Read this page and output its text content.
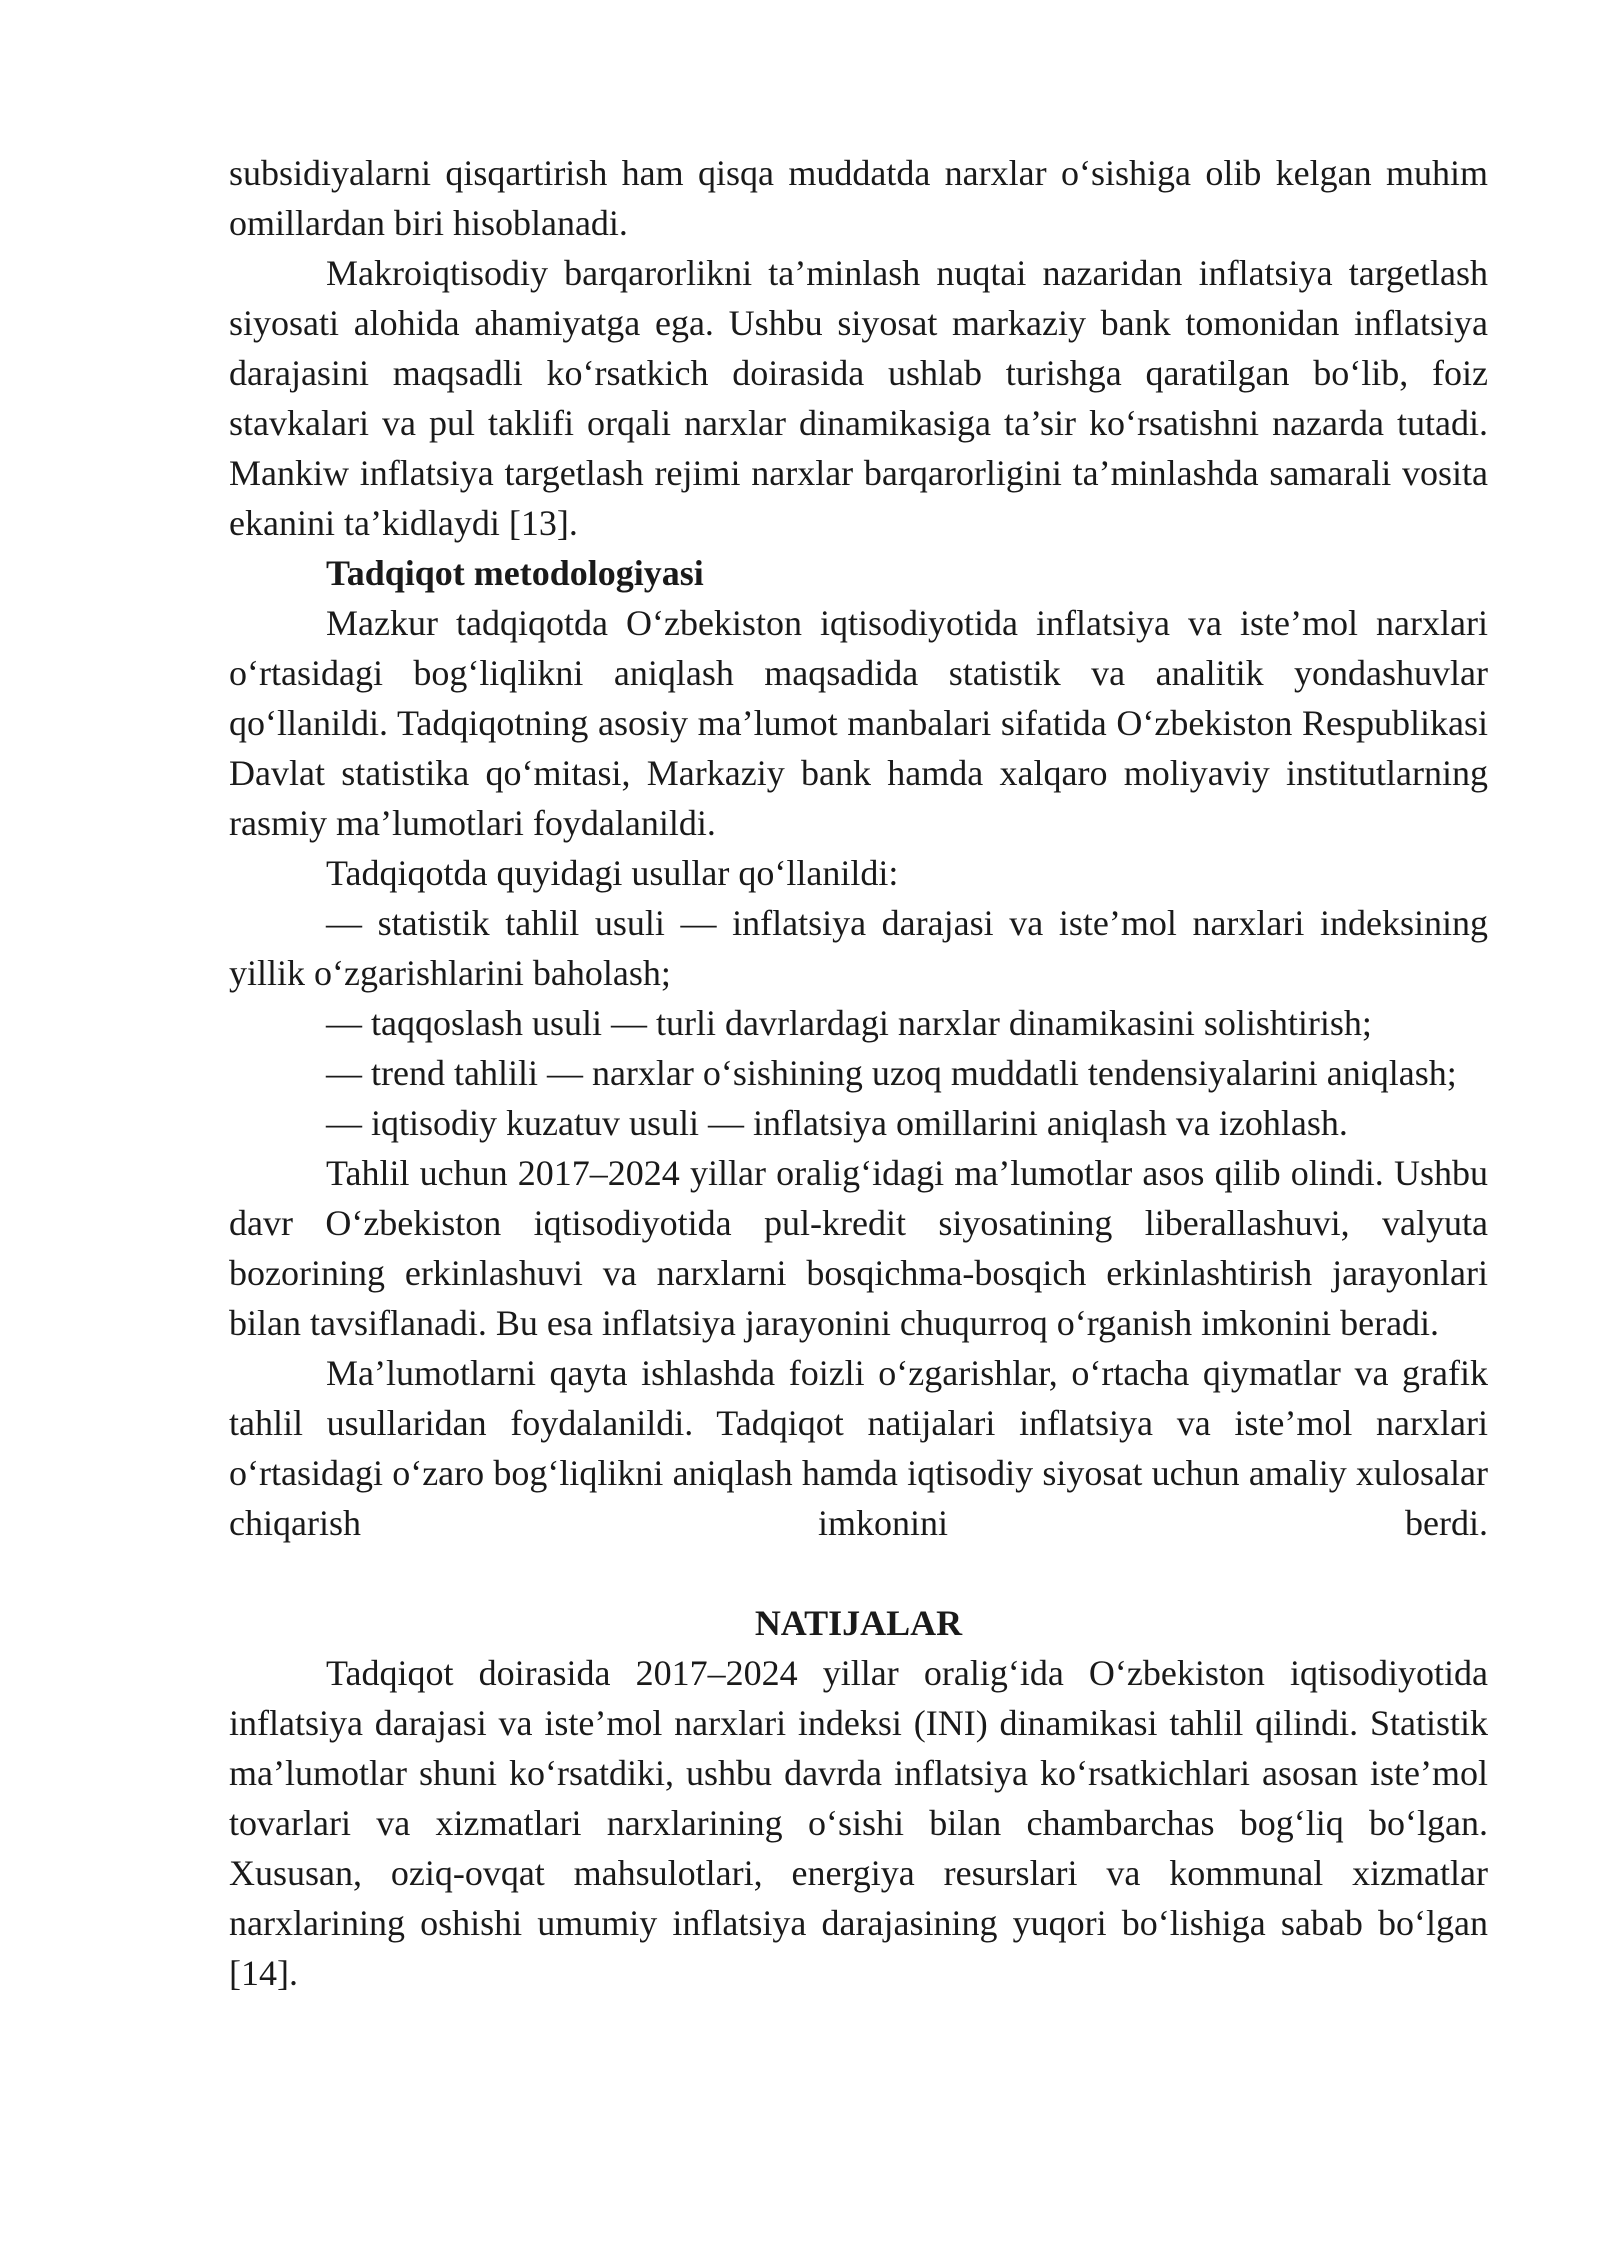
subsidiyalarni qisqartirish ham qisqa muddatda narxlar o‘sishiga olib kelgan muhim omillardan biri hisoblanadi.

Makroiqtisodiy barqarorlikni ta’minlash nuqtai nazaridan inflatsiya targetlash siyosati alohida ahamiyatga ega. Ushbu siyosat markaziy bank tomonidan inflatsiya darajasini maqsadli ko‘rsatkich doirasida ushlab turishga qaratilgan bo‘lib, foiz stavkalari va pul taklifi orqali narxlar dinamikasiga ta’sir ko‘rsatishni nazarda tutadi. Mankiw inflatsiya targetlash rejimi narxlar barqarorligini ta’minlashda samarali vosita ekanini ta’kidlaydi [13].

Tadqiqot metodologiyasi

Mazkur tadqiqotda O‘zbekiston iqtisodiyotida inflatsiya va iste’mol narxlari o‘rtasidagi bog‘liqlikni aniqlash maqsadida statistik va analitik yondashuvlar qo‘llanildi. Tadqiqotning asosiy ma’lumot manbalari sifatida O‘zbekiston Respublikasi Davlat statistika qo‘mitasi, Markaziy bank hamda xalqaro moliyaviy institutlarning rasmiy ma’lumotlari foydalanildi.

Tadqiqotda quyidagi usullar qo‘llanildi:

— statistik tahlil usuli — inflatsiya darajasi va iste’mol narxlari indeksining yillik o‘zgarishlarini baholash;

— taqqoslash usuli — turli davrlardagi narxlar dinamikasini solishtirish;

— trend tahlili — narxlar o‘sishining uzoq muddatli tendensiyalarini aniqlash;

— iqtisodiy kuzatuv usuli — inflatsiya omillarini aniqlash va izohlash.

Tahlil uchun 2017–2024 yillar oralig‘idagi ma’lumotlar asos qilib olindi. Ushbu davr O‘zbekiston iqtisodiyotida pul-kredit siyosatining liberallashuvi, valyuta bozorining erkinlashuvi va narxlarni bosqichma-bosqich erkinlashtirish jarayonlari bilan tavsiflanadi. Bu esa inflatsiya jarayonini chuqurroq o‘rganish imkonini beradi.

Ma’lumotlarni qayta ishlashda foizli o‘zgarishlar, o‘rtacha qiymatlar va grafik tahlil usullaridan foydalanildi. Tadqiqot natijalari inflatsiya va iste’mol narxlari o‘rtasidagi o‘zaro bog‘liqlikni aniqlash hamda iqtisodiy siyosat uchun amaliy xulosalar chiqarish imkonini berdi.

NATIJALAR

Tadqiqot doirasida 2017–2024 yillar oralig‘ida O‘zbekiston iqtisodiyotida inflatsiya darajasi va iste’mol narxlari indeksi (INI) dinamikasi tahlil qilindi. Statistik ma’lumotlar shuni ko‘rsatdiki, ushbu davrda inflatsiya ko‘rsatkichlari asosan iste’mol tovarlari va xizmatlari narxlarining o‘sishi bilan chambarchas bog‘liq bo‘lgan. Xususan, oziq-ovqat mahsulotlari, energiya resurslari va kommunal xizmatlar narxlarining oshishi umumiy inflatsiya darajasining yuqori bo‘lishiga sabab bo‘lgan [14].
